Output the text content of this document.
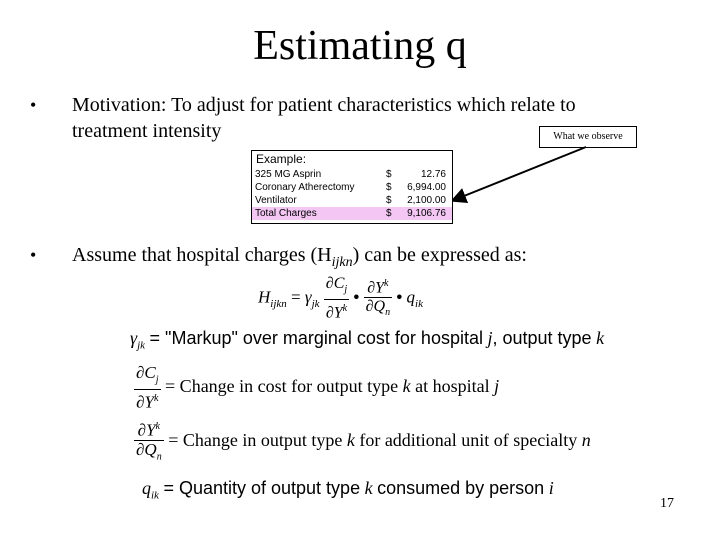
Estimating q
• Motivation: To adjust for patient characteristics which relate to
treatment intensity	What we observe
Example:
325 MG Asprin	$	12.76
Coronary Atherectomy	$ 6,994.00
Ventilator	$ 2,100.00
Total Charges	$ 9,106.76
• Assume that hospital charges $(H_{ijkn})$ can be expressed as:
$H_{ijkn} = \gamma_{jk} \frac{\partial C_j}{\partial Y^k}$ • $\frac{\partial Y^k}{\partial Q_n}$ • $q_{ik}$
$\gamma_{jk}$ = "Markup" over marginal cost for hospital j, output type k
$\frac{\partial C_j}{\partial Y^k}$ = Change in cost for output type k at hospital j
$\frac{\partial Y^k}{\partial Q_n}$ = Change in output type k for additional unit of specialty n
$q_{ik}$ = Quantity of output type k consumed by person i
17
